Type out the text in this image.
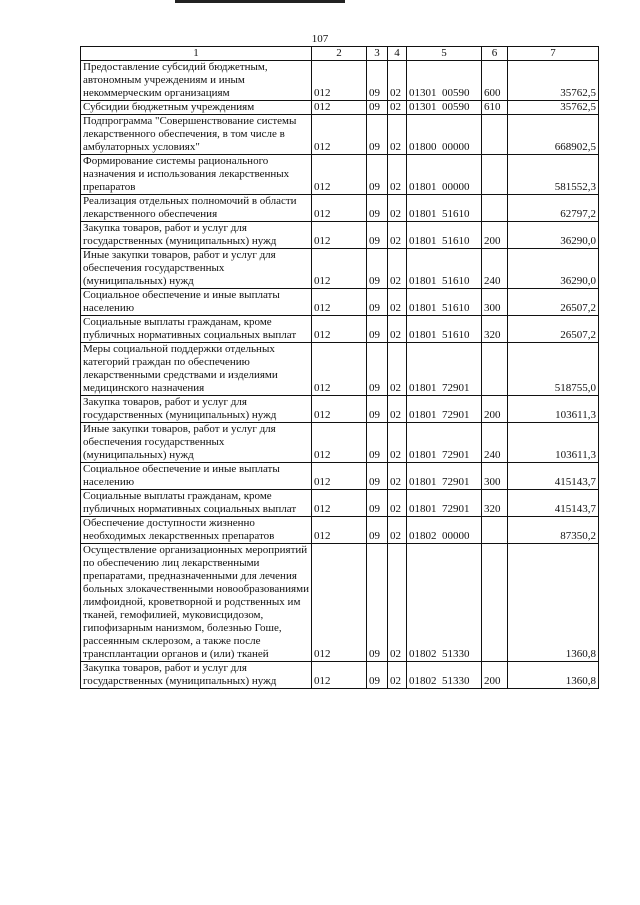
107
1	2	3	4	5	6	7
Предоставление субсидий бюджетным, автономным учреждениям и иным некоммерческим организациям	012	09	02	01301  00590	600	35762,5
Субсидии бюджетным учреждениям	012	09	02	01301  00590	610	35762,5
Подпрограмма "Совершенствование системы лекарственного обеспечения, в том числе в амбулаторных условиях"	012	09	02	01800  00000		668902,5
Формирование системы рационального назначения и использования лекарственных препаратов	012	09	02	01801  00000		581552,3
Реализация отдельных полномочий в области лекарственного обеспечения	012	09	02	01801  51610		62797,2
Закупка товаров, работ и услуг для государственных (муниципальных) нужд	012	09	02	01801  51610	200	36290,0
Иные закупки товаров, работ и услуг для обеспечения государственных (муниципальных) нужд	012	09	02	01801  51610	240	36290,0
Социальное обеспечение и иные выплаты населению	012	09	02	01801  51610	300	26507,2
Социальные выплаты гражданам, кроме публичных нормативных социальных выплат	012	09	02	01801  51610	320	26507,2
Меры социальной поддержки отдельных категорий граждан по обеспечению лекарственными средствами и изделиями медицинского назначения	012	09	02	01801  72901		518755,0
Закупка товаров, работ и услуг для государственных (муниципальных) нужд	012	09	02	01801  72901	200	103611,3
Иные закупки товаров, работ и услуг для обеспечения государственных (муниципальных) нужд	012	09	02	01801  72901	240	103611,3
Социальное обеспечение и иные выплаты населению	012	09	02	01801  72901	300	415143,7
Социальные выплаты гражданам, кроме публичных нормативных социальных выплат	012	09	02	01801  72901	320	415143,7
Обеспечение доступности жизненно необходимых лекарственных препаратов	012	09	02	01802  00000		87350,2
Осуществление организационных мероприятий по обеспечению лиц лекарственными препаратами, предназначенными для лечения больных злокачественными новообразованиями лимфоидной, кроветворной и родственных им тканей, гемофилией, муковисцидозом, гипофизарным нанизмом, болезнью Гоше, рассеянным склерозом, а также после трансплантации органов и (или) тканей	012	09	02	01802  51330		1360,8
Закупка товаров, работ и услуг для государственных (муниципальных) нужд	012	09	02	01802  51330	200	1360,8
